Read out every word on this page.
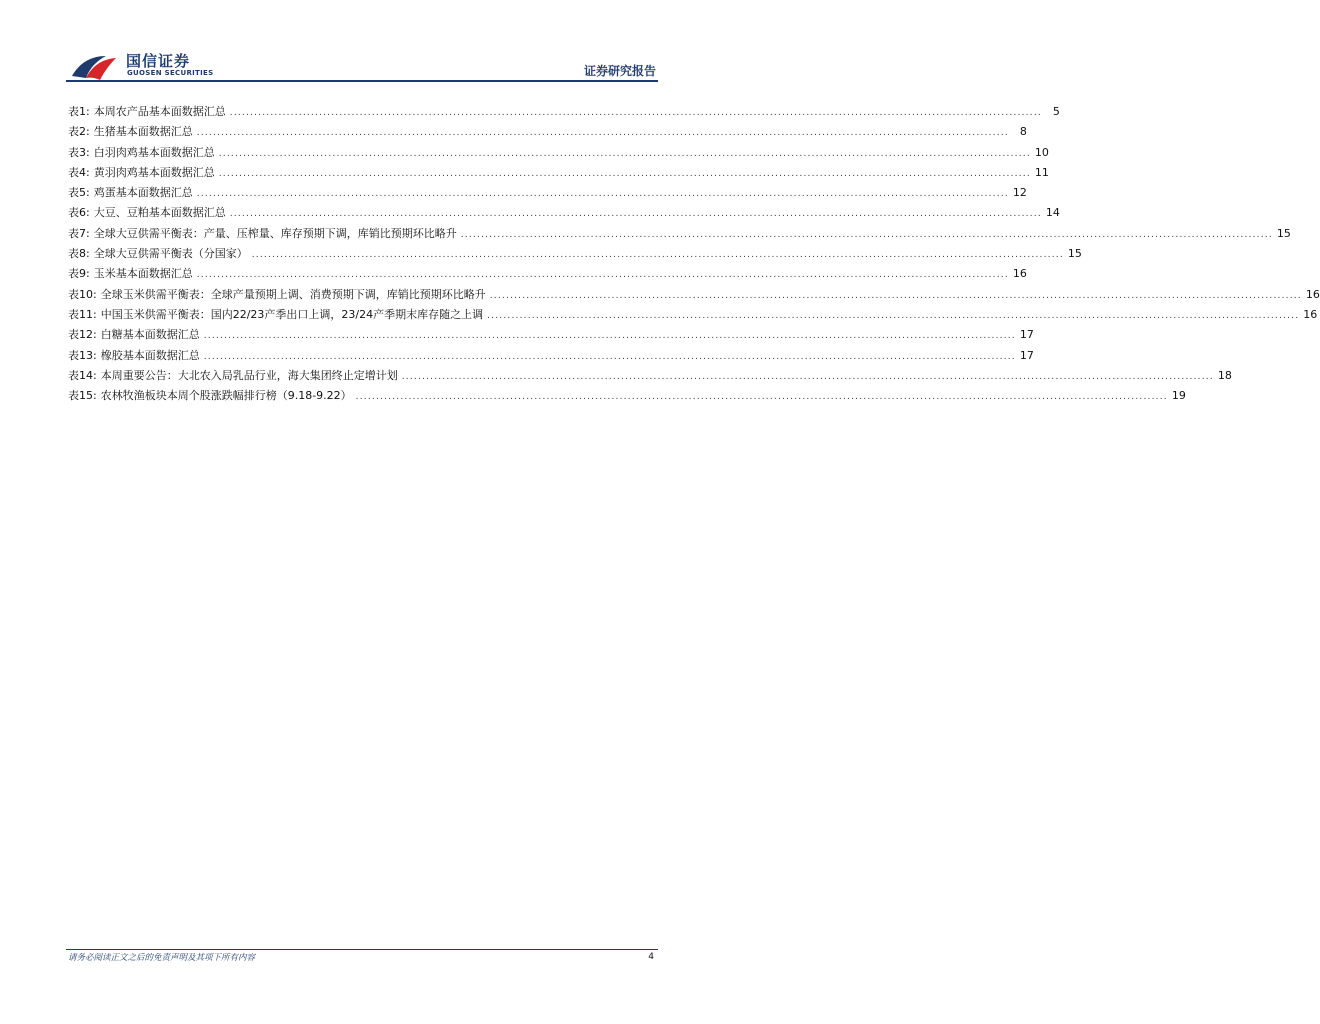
国信证券
GUOSEN SECURITIES	证券研究报告
表1: 本周农产品基本面数据汇总 ........................................................................................................................................................................................................	5
表2: 生猪基本面数据汇总 ........................................................................................................................................................................................................	8
表3: 白羽肉鸡基本面数据汇总 ........................................................................................................................................................................................................ 10
表4: 黄羽肉鸡基本面数据汇总 ........................................................................................................................................................................................................ 11
表5: 鸡蛋基本面数据汇总 ........................................................................................................................................................................................................ 12
表6: 大豆、豆粕基本面数据汇总 ........................................................................................................................................................................................................ 14
表7: 全球大豆供需平衡表：产量、压榨量、库存预期下调，库销比预期环比略升 ........................................................................................................................................................................................................ 15
表8: 全球大豆供需平衡表（分国家） ........................................................................................................................................................................................................ 15
表9: 玉米基本面数据汇总 ........................................................................................................................................................................................................ 16
表10: 全球玉米供需平衡表：全球产量预期上调、消费预期下调，库销比预期环比略升 ........................................................................................................................................................................................................ 16
表11: 中国玉米供需平衡表：国内22/23产季出口上调，23/24产季期末库存随之上调 ........................................................................................................................................................................................................ 16
表12: 白糖基本面数据汇总 ........................................................................................................................................................................................................ 17
表13: 橡胶基本面数据汇总 ........................................................................................................................................................................................................ 17
表14: 本周重要公告：大北农入局乳品行业，海大集团终止定增计划 ........................................................................................................................................................................................................ 18
表15: 农林牧渔板块本周个股涨跌幅排行榜（9.18-9.22） ........................................................................................................................................................................................................ 19
请务必阅读正文之后的免责声明及其项下所有内容	4
